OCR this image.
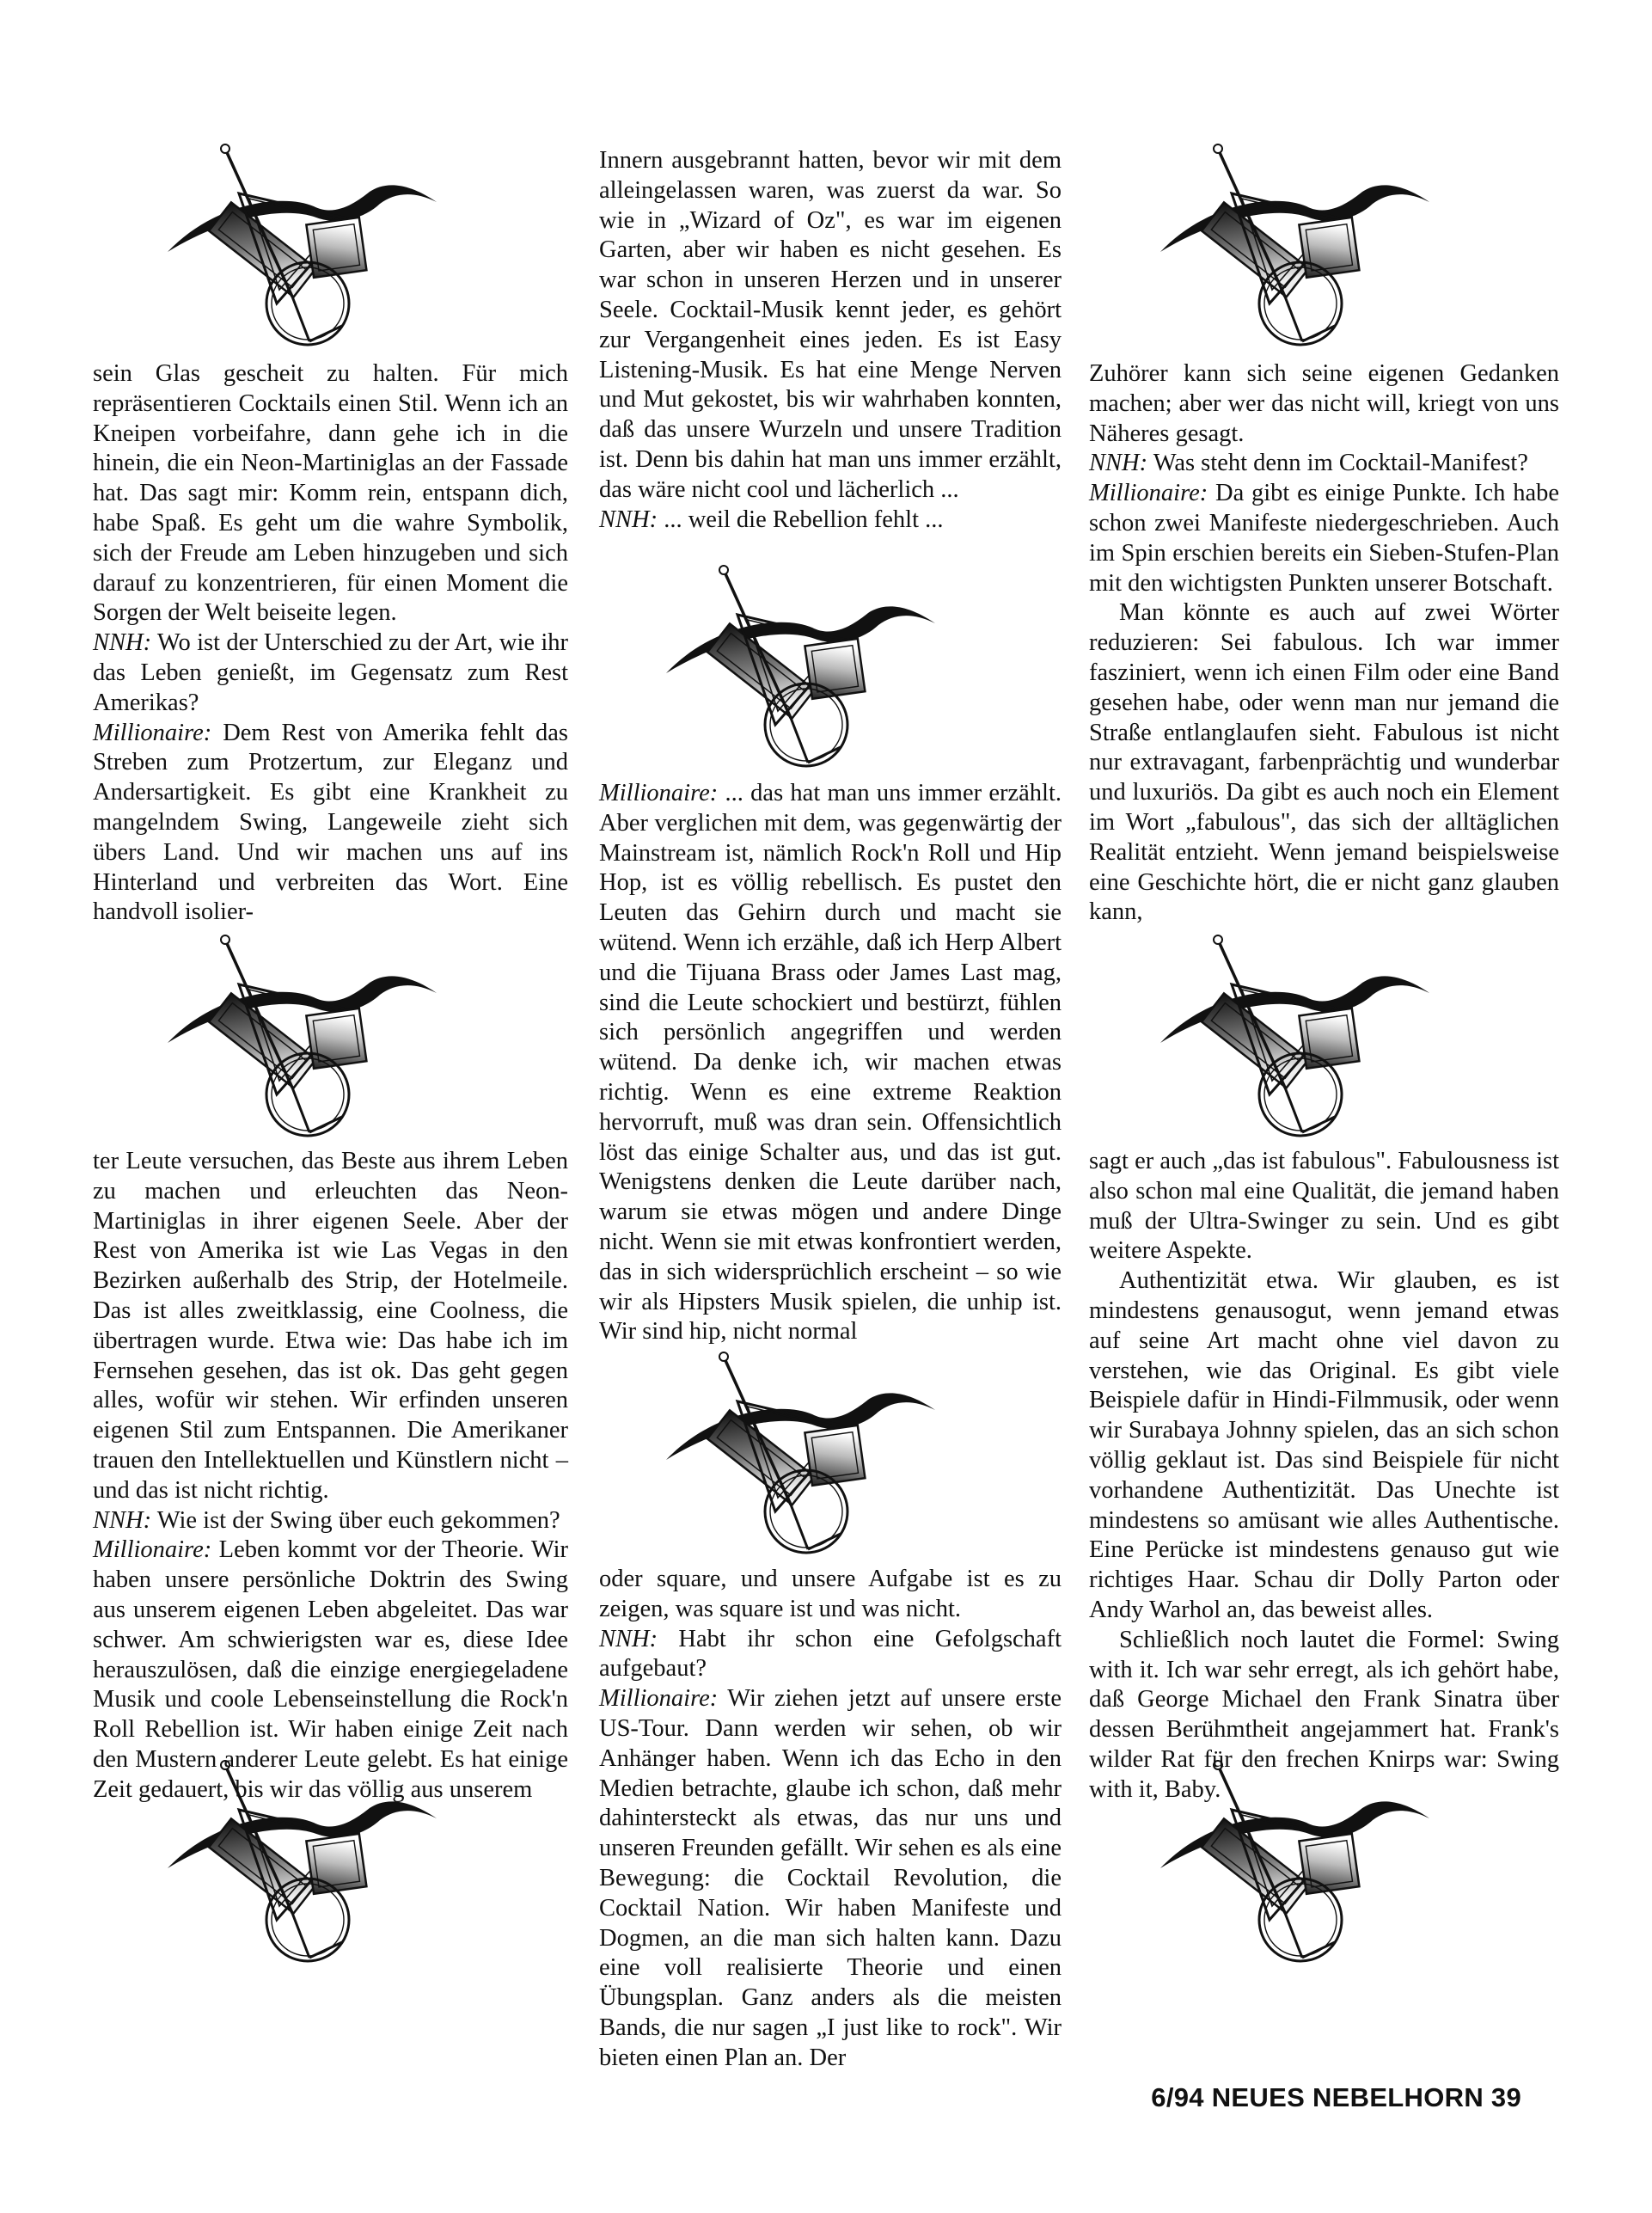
sein Glas gescheit zu halten. Für mich repräsentieren Cocktails einen Stil. Wenn ich an Kneipen vorbeifahre, dann gehe ich in die hinein, die ein Neon-Martiniglas an der Fassade hat. Das sagt mir: Komm rein, entspann dich, habe Spaß. Es geht um die wahre Symbolik, sich der Freude am Leben hinzugeben und sich darauf zu konzentrieren, für einen Moment die Sorgen der Welt beiseite legen.

NNH: Wo ist der Unterschied zu der Art, wie ihr das Leben genießt, im Gegensatz zum Rest Amerikas?

Millionaire: Dem Rest von Amerika fehlt das Streben zum Protzertum, zur Eleganz und Andersartigkeit. Es gibt eine Krankheit zu mangelndem Swing, Langeweile zieht sich übers Land. Und wir machen uns auf ins Hinterland und verbreiten das Wort. Eine handvoll isolier-

ter Leute versuchen, das Beste aus ihrem Leben zu machen und erleuchten das Neon-Martiniglas in ihrer eigenen Seele. Aber der Rest von Amerika ist wie Las Vegas in den Bezirken außerhalb des Strip, der Hotelmeile. Das ist alles zweitklassig, eine Coolness, die übertragen wurde. Etwa wie: Das habe ich im Fernsehen gesehen, das ist ok. Das geht gegen alles, wofür wir stehen. Wir erfinden unseren eigenen Stil zum Entspannen. Die Amerikaner trauen den Intellektuellen und Künstlern nicht – und das ist nicht richtig.

NNH: Wie ist der Swing über euch gekommen?

Millionaire: Leben kommt vor der Theorie. Wir haben unsere persönliche Doktrin des Swing aus unserem eigenen Leben abgeleitet. Das war schwer. Am schwierigsten war es, diese Idee herauszulösen, daß die einzige energiegeladene Musik und coole Lebenseinstellung die Rock'n Roll Rebellion ist. Wir haben einige Zeit nach den Mustern anderer Leute gelebt. Es hat einige Zeit gedauert, bis wir das völlig aus unserem

Innern ausgebrannt hatten, bevor wir mit dem alleingelassen waren, was zuerst da war. So wie in „Wizard of Oz", es war im eigenen Garten, aber wir haben es nicht gesehen. Es war schon in unseren Herzen und in unserer Seele. Cocktail-Musik kennt jeder, es gehört zur Vergangenheit eines jeden. Es ist Easy Listening-Musik. Es hat eine Menge Nerven und Mut gekostet, bis wir wahrhaben konnten, daß das unsere Wurzeln und unsere Tradition ist. Denn bis dahin hat man uns immer erzählt, das wäre nicht cool und lächerlich ...

NNH: ... weil die Rebellion fehlt ...

Millionaire: ... das hat man uns immer erzählt. Aber verglichen mit dem, was gegenwärtig der Mainstream ist, nämlich Rock'n Roll und Hip Hop, ist es völlig rebellisch. Es pustet den Leuten das Gehirn durch und macht sie wütend. Wenn ich erzähle, daß ich Herp Albert und die Tijuana Brass oder James Last mag, sind die Leute schockiert und bestürzt, fühlen sich persönlich angegriffen und werden wütend. Da denke ich, wir machen etwas richtig. Wenn es eine extreme Reaktion hervorruft, muß was dran sein. Offensichtlich löst das einige Schalter aus, und das ist gut. Wenigstens denken die Leute darüber nach, warum sie etwas mögen und andere Dinge nicht. Wenn sie mit etwas konfrontiert werden, das in sich widersprüchlich erscheint – so wie wir als Hipsters Musik spielen, die unhip ist. Wir sind hip, nicht normal

oder square, und unsere Aufgabe ist es zu zeigen, was square ist und was nicht.

NNH: Habt ihr schon eine Gefolgschaft aufgebaut?

Millionaire: Wir ziehen jetzt auf unsere erste US-Tour. Dann werden wir sehen, ob wir Anhänger haben. Wenn ich das Echo in den Medien betrachte, glaube ich schon, daß mehr dahintersteckt als etwas, das nur uns und unseren Freunden gefällt. Wir sehen es als eine Bewegung: die Cocktail Revolution, die Cocktail Nation. Wir haben Manifeste und Dogmen, an die man sich halten kann. Dazu eine voll realisierte Theorie und einen Übungsplan. Ganz anders als die meisten Bands, die nur sagen „I just like to rock". Wir bieten einen Plan an. Der

Zuhörer kann sich seine eigenen Gedanken machen; aber wer das nicht will, kriegt von uns Näheres gesagt.

NNH: Was steht denn im Cocktail-Manifest?

Millionaire: Da gibt es einige Punkte. Ich habe schon zwei Manifeste niedergeschrieben. Auch im Spin erschien bereits ein Sieben-Stufen-Plan mit den wichtigsten Punkten unserer Botschaft.

Man könnte es auch auf zwei Wörter reduzieren: Sei fabulous. Ich war immer fasziniert, wenn ich einen Film oder eine Band gesehen habe, oder wenn man nur jemand die Straße entlanglaufen sieht. Fabulous ist nicht nur extravagant, farbenprächtig und wunderbar und luxuriös. Da gibt es auch noch ein Element im Wort „fabulous", das sich der alltäglichen Realität entzieht. Wenn jemand beispielsweise eine Geschichte hört, die er nicht ganz glauben kann,

sagt er auch „das ist fabulous". Fabulousness ist also schon mal eine Qualität, die jemand haben muß der Ultra-Swinger zu sein. Und es gibt weitere Aspekte.

Authentizität etwa. Wir glauben, es ist mindestens genausogut, wenn jemand etwas auf seine Art macht ohne viel davon zu verstehen, wie das Original. Es gibt viele Beispiele dafür in Hindi-Filmmusik, oder wenn wir Surabaya Johnny spielen, das an sich schon völlig geklaut ist. Das sind Beispiele für nicht vorhandene Authentizität. Das Unechte ist mindestens so amüsant wie alles Authentische. Eine Perücke ist mindestens genauso gut wie richtiges Haar. Schau dir Dolly Parton oder Andy Warhol an, das beweist alles.

Schließlich noch lautet die Formel: Swing with it. Ich war sehr erregt, als ich gehört habe, daß George Michael den Frank Sinatra über dessen Berühmtheit angejammert hat. Frank's wilder Rat für den frechen Knirps war: Swing with it, Baby.

6/94 NEUES NEBELHORN 39
